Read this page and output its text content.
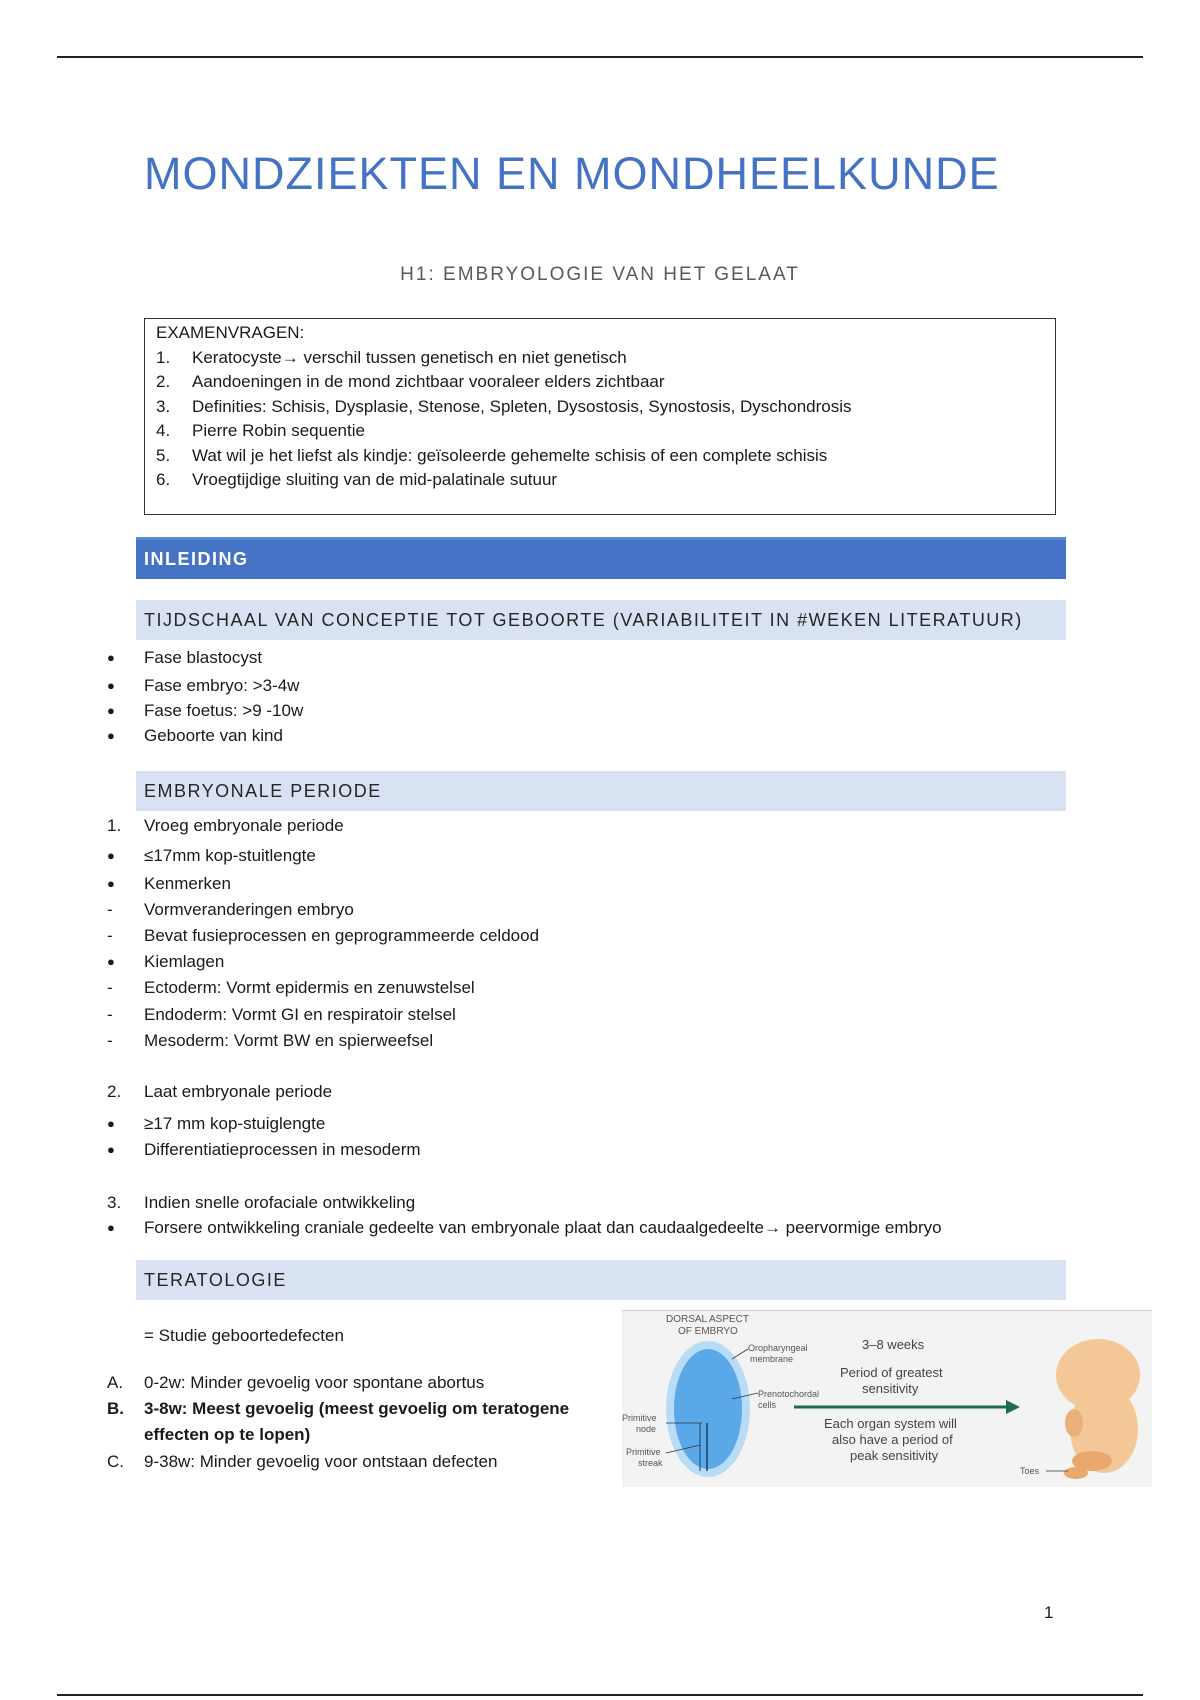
MONDZIEKTEN EN MONDHEELKUNDE
H1: EMBRYOLOGIE VAN HET GELAAT
EXAMENVRAGEN:
1.	Keratocyste→ verschil tussen genetisch en niet genetisch
2.	Aandoeningen in de mond zichtbaar vooraleer elders zichtbaar
3.	Definities: Schisis, Dysplasie, Stenose, Spleten, Dysostosis, Synostosis, Dyschondrosis
4.	Pierre Robin sequentie
5.	Wat wil je het liefst als kindje: geïsoleerde gehemelte schisis of een complete schisis
6.	Vroegtijdige sluiting van de mid-palatinale sutuur
INLEIDING
TIJDSCHAAL VAN CONCEPTIE TOT GEBOORTE (VARIABILITEIT IN #WEKEN LITERATUUR)
●	Fase blastocyst
●	Fase embryo: >3-4w
●	Fase foetus: >9 -10w
●	Geboorte van kind
EMBRYONALE PERIODE
1.	Vroeg embryonale periode
●	≤17mm kop-stuitlengte
●	Kenmerken
-	Vormveranderingen embryo
-	Bevat fusieprocessen en geprogrammeerde celdood
●	Kiemlagen
-	Ectoderm: Vormt epidermis en zenuwstelsel
-	Endoderm: Vormt GI en respiratoir stelsel
-	Mesoderm: Vormt BW en spierweefsel
2.	Laat embryonale periode
●	≥17 mm kop-stuiglengte
●	Differentiatieprocessen in mesoderm
3.	Indien snelle orofaciale ontwikkeling
●	Forsere ontwikkeling craniale gedeelte van embryonale plaat dan caudaalgedeelte→ peervormige embryo
TERATOLOGIE
= Studie geboortedefecten
A.	0-2w: Minder gevoelig voor spontane abortus
B.	3-8w: Meest gevoelig (meest gevoelig om teratogene
effecten op te lopen)
C.	9-38w: Minder gevoelig voor ontstaan defecten
DORSAL ASPECT
OF EMBRYO
Oropharyngeal
membrane
Prenotochordal
cells
Primitive
node
Primitive
streak
3–8 weeks
Period of greatest
sensitivity
Each organ system will
also have a period of
peak sensitivity
Toes
1
